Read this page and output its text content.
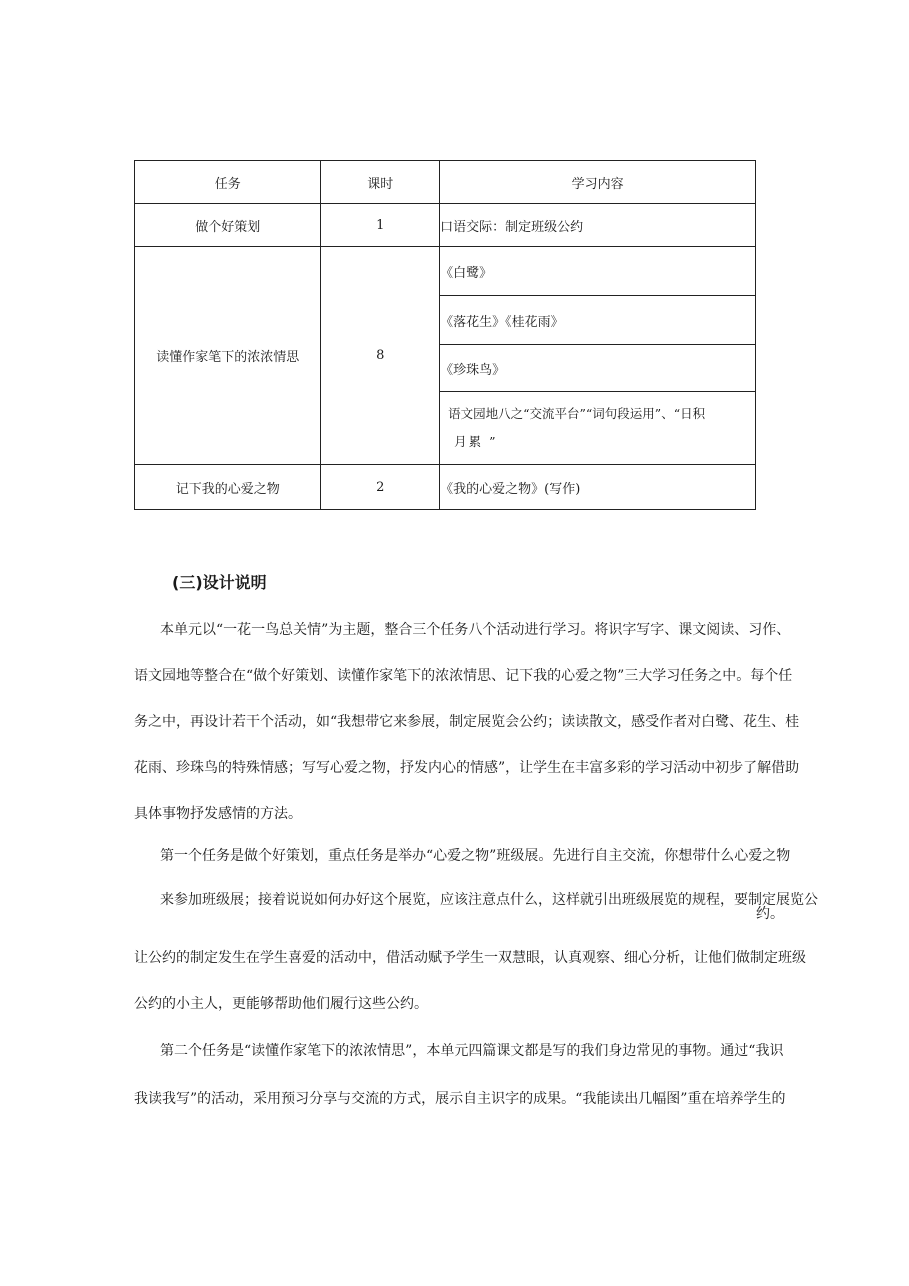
任务	课时	学习内容
做个好策划	1	口语交际：制定班级公约
读懂作家笔下的浓浓情思	8	《白鹭》
		《落花生》《桂花雨》
		《珍珠鸟》

		语文园地八之“交流平台”“词句段运用”、“日积
月累 ”

记下我的心爱之物	2	《我的心爱之物》(写作)
(三)设计说明
本单元以“一花一鸟总关情”为主题，整合三个任务八个活动进行学习。将识字写字、课文阅读、习作、
语文园地等整合在“做个好策划、读懂作家笔下的浓浓情思、记下我的心爱之物”三大学习任务之中。每个任
务之中，再设计若干个活动，如“我想带它来参展，制定展览会公约；读读散文，感受作者对白鹭、花生、桂
花雨、珍珠鸟的特殊情感；写写心爱之物，抒发内心的情感”，让学生在丰富多彩的学习活动中初步了解借助
具体事物抒发感情的方法。
第一个任务是做个好策划，重点任务是举办“心爱之物”班级展。先进行自主交流，你想带什么心爱之物
来参加班级展；接着说说如何办好这个展览，应该注意点什么，这样就引出班级展览的规程，要制定展览公
约。
让公约的制定发生在学生喜爱的活动中，借活动赋予学生一双慧眼，认真观察、细心分析，让他们做制定班级
公约的小主人，更能够帮助他们履行这些公约。
第二个任务是“读懂作家笔下的浓浓情思”，本单元四篇课文都是写的我们身边常见的事物。通过“我识
我读我写”的活动，采用预习分享与交流的方式，展示自主识字的成果。“我能读出几幅图”重在培养学生的
